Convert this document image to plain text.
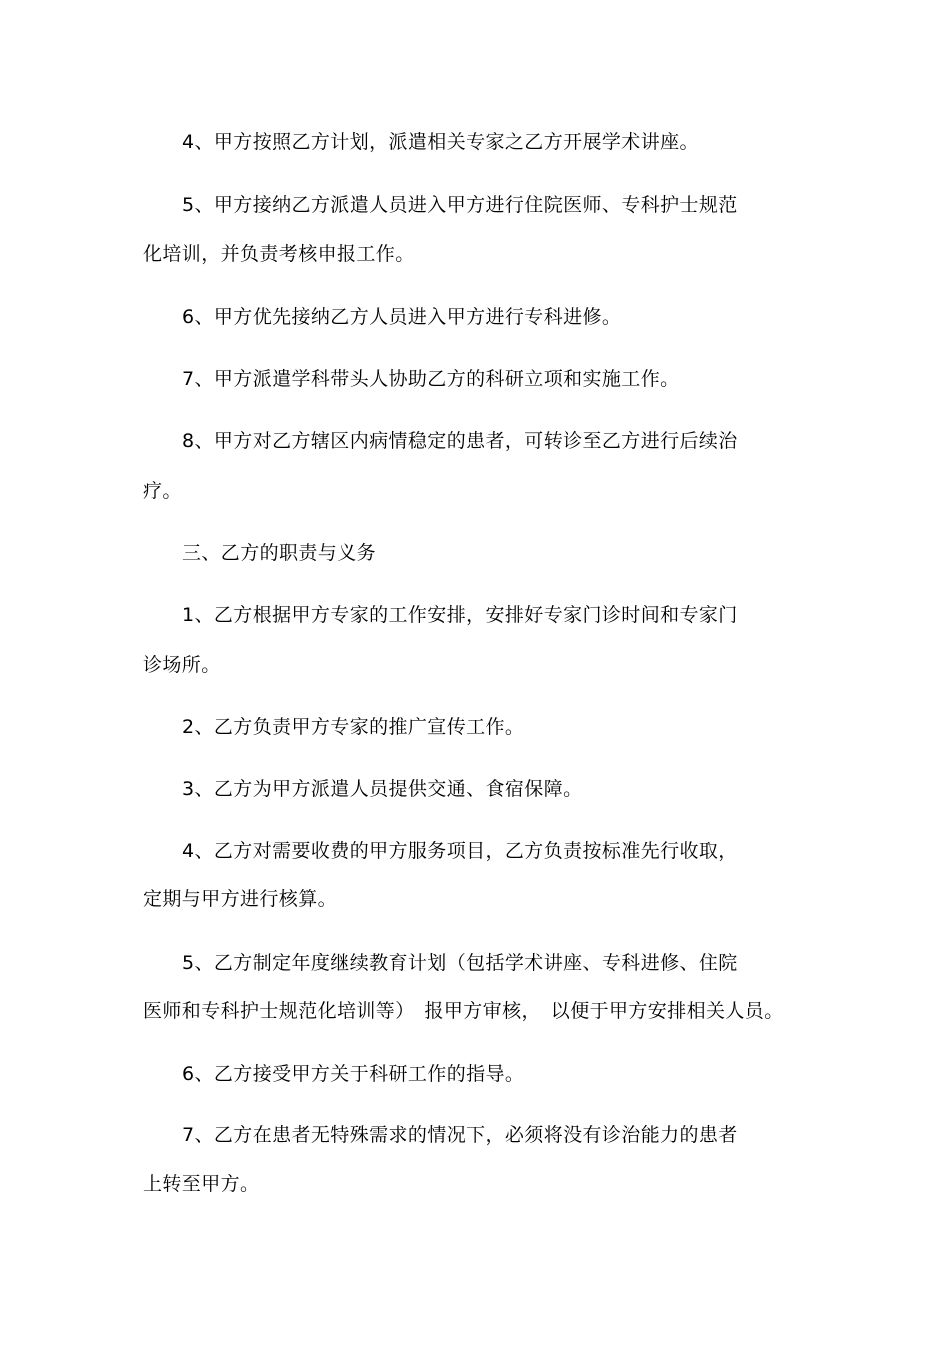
4、甲方按照乙方计划，派遣相关专家之乙方开展学术讲座。
5、甲方接纳乙方派遣人员进入甲方进行住院医师、专科护士规范
化培训，并负责考核申报工作。
6、甲方优先接纳乙方人员进入甲方进行专科进修。
7、甲方派遣学科带头人协助乙方的科研立项和实施工作。
8、甲方对乙方辖区内病情稳定的患者，可转诊至乙方进行后续治
疗。
三、乙方的职责与义务
1、乙方根据甲方专家的工作安排，安排好专家门诊时间和专家门
诊场所。
2、乙方负责甲方专家的推广宣传工作。
3、乙方为甲方派遣人员提供交通、食宿保障。
4、乙方对需要收费的甲方服务项目，乙方负责按标准先行收取，
定期与甲方进行核算。
5、乙方制定年度继续教育计划（包括学术讲座、专科进修、住院
医师和专科护士规范化培训等）　报甲方审核，　以便于甲方安排相关人员。
6、乙方接受甲方关于科研工作的指导。
7、乙方在患者无特殊需求的情况下，必须将没有诊治能力的患者
上转至甲方。
